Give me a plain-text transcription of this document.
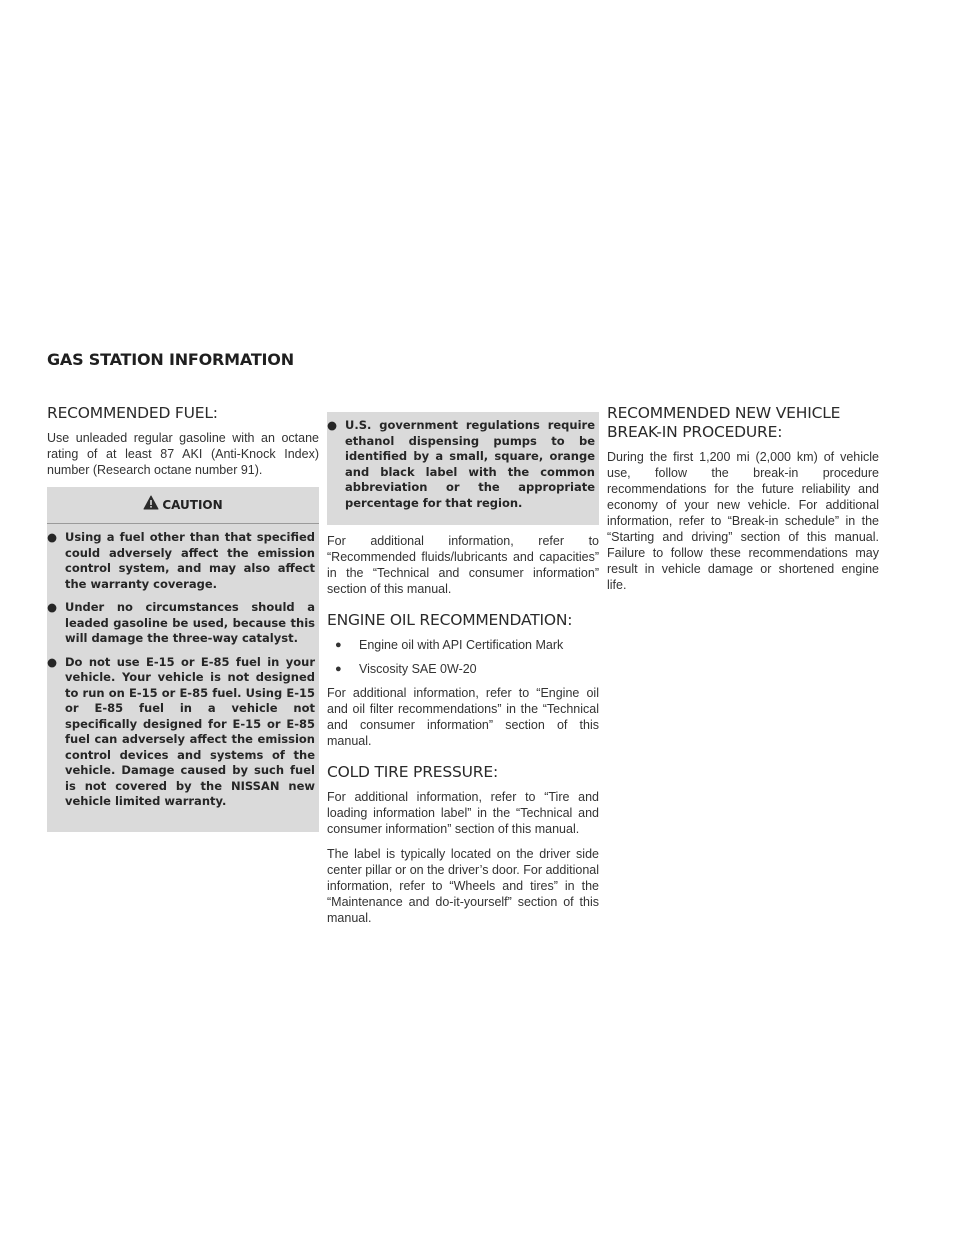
GAS STATION INFORMATION
RECOMMENDED FUEL:

Use unleaded regular gasoline with an octane rating of at least 87 AKI (Anti-Knock Index) number (Research octane number 91).

CAUTION
● Using a fuel other than that specified could adversely affect the emission control system, and may also affect the warranty coverage.
● Under no circumstances should a leaded gasoline be used, because this will damage the three-way catalyst.
● Do not use E-15 or E-85 fuel in your vehicle. Your vehicle is not designed to run on E-15 or E-85 fuel. Using E-15 or E-85 fuel in a vehicle not specifically designed for E-15 or E-85 fuel can adversely affect the emission control devices and systems of the vehicle. Damage caused by such fuel is not covered by the NISSAN new vehicle limited warranty.
● U.S. government regulations require ethanol dispensing pumps to be identified by a small, square, orange and black label with the common abbreviation or the appropriate percentage for that region.

For additional information, refer to “Recommended fluids/lubricants and capacities” in the “Technical and consumer information” section of this manual.

ENGINE OIL RECOMMENDATION:
●	Engine oil with API Certification Mark
●	Viscosity SAE 0W-20

For additional information, refer to “Engine oil and oil filter recommendations” in the “Technical and consumer information” section of this manual.

COLD TIRE PRESSURE:

For additional information, refer to “Tire and loading information label” in the “Technical and consumer information” section of this manual.

The label is typically located on the driver side center pillar or on the driver’s door. For additional information, refer to “Wheels and tires” in the “Maintenance and do-it-yourself” section of this manual.

RECOMMENDED NEW VEHICLE BREAK-IN PROCEDURE:

During the first 1,200 mi (2,000 km) of vehicle use, follow the break-in procedure recommendations for the future reliability and economy of your new vehicle. For additional information, refer to “Break-in schedule” in the “Starting and driving” section of this manual. Failure to follow these recommendations may result in vehicle damage or shortened engine life.
